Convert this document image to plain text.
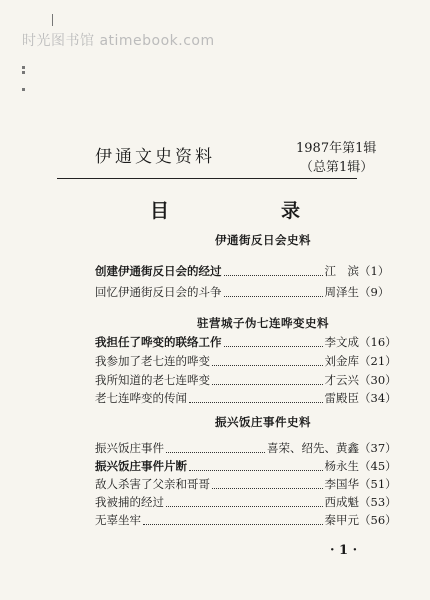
时光图书馆 atimebook.com
伊通文史资料	1987年第1辑
（总第1辑）
目	录
伊通街反日会史料
创建伊通街反日会的经过	江　滨 （1）
回忆伊通街反日会的斗争	周泽生 （9）
驻营城子伪七连哗变史料
我担任了哗变的联络工作	李文成 （16）
我参加了老七连的哗变	刘金库 （21）
我所知道的老七连哗变	才云兴 （30）
老七连哗变的传闻	雷殿臣 （34）
振兴饭庄事件史料
振兴饭庄事件	喜荣、绍先、黄鑫 （37）
振兴饭庄事件片断	杨永生 （45）
敌人杀害了父亲和哥哥	李国华 （51）
我被捕的经过	西成魁 （53）
无辜坐牢	秦甲元 （56）
· 1 ·
